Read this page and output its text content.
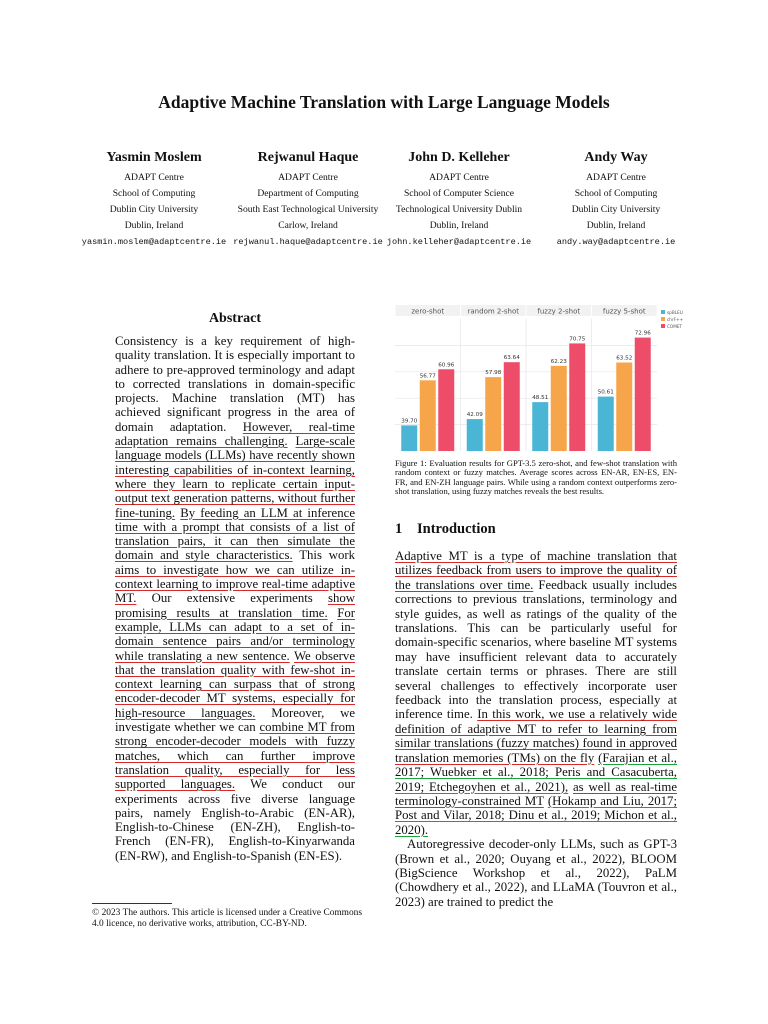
Adaptive Machine Translation with Large Language Models
Yasmin Moslem
ADAPT Centre
School of Computing
Dublin City University
Dublin, Ireland
yasmin.moslem@adaptcentre.ie
Rejwanul Haque
ADAPT Centre
Department of Computing
South East Technological University
Carlow, Ireland
rejwanul.haque@adaptcentre.ie
John D. Kelleher
ADAPT Centre
School of Computer Science
Technological University Dublin
Dublin, Ireland
john.kelleher@adaptcentre.ie
Andy Way
ADAPT Centre
School of Computing
Dublin City University
Dublin, Ireland
andy.way@adaptcentre.ie
Abstract
Consistency is a key requirement of high-quality translation. It is especially important to adhere to pre-approved terminology and adapt to corrected translations in domain-specific projects. Machine translation (MT) has achieved significant progress in the area of domain adaptation. However, real-time adaptation remains challenging. Large-scale language models (LLMs) have recently shown interesting capabilities of in-context learning, where they learn to replicate certain input-output text generation patterns, without further fine-tuning. By feeding an LLM at inference time with a prompt that consists of a list of translation pairs, it can then simulate the domain and style characteristics. This work aims to investigate how we can utilize in-context learning to improve real-time adaptive MT. Our extensive experiments show promising results at translation time. For example, LLMs can adapt to a set of in-domain sentence pairs and/or terminology while translating a new sentence. We observe that the translation quality with few-shot in-context learning can surpass that of strong encoder-decoder MT systems, especially for high-resource languages. Moreover, we investigate whether we can combine MT from strong encoder-decoder models with fuzzy matches, which can further improve translation quality, especially for less supported languages. We conduct our experiments across five diverse language pairs, namely English-to-Arabic (EN-AR), English-to-Chinese (EN-ZH), English-to-French (EN-FR), English-to-Kinyarwanda (EN-RW), and English-to-Spanish (EN-ES).
© 2023 The authors. This article is licensed under a Creative Commons 4.0 licence, no derivative works, attribution, CC-BY-ND.
zero-shot
39.70
56.77
60.96
random 2-shot
42.09
57.98
63.64
fuzzy 2-shot
48.51
62.23
70.75
fuzzy 5-shot
50.61
63.52
72.96
spBLEU
chrF++
COMET
Figure 1: Evaluation results for GPT-3.5 zero-shot, and few-shot translation with random context or fuzzy matches. Average scores across EN-AR, EN-ES, EN-FR, and EN-ZH language pairs. While using a random context outperforms zero-shot translation, using fuzzy matches reveals the best results.
1 Introduction

Adaptive MT is a type of machine translation that utilizes feedback from users to improve the quality of the translations over time. Feedback usually includes corrections to previous translations, terminology and style guides, as well as ratings of the quality of the translations. This can be particularly useful for domain-specific scenarios, where baseline MT systems may have insufficient relevant data to accurately translate certain terms or phrases. There are still several challenges to effectively incorporate user feedback into the translation process, especially at inference time. In this work, we use a relatively wide definition of adaptive MT to refer to learning from similar translations (fuzzy matches) found in approved translation memories (TMs) on the fly (Farajian et al., 2017; Wuebker et al., 2018; Peris and Casacuberta, 2019; Etchegoyhen et al., 2021), as well as real-time terminology-constrained MT (Hokamp and Liu, 2017; Post and Vilar, 2018; Dinu et al., 2019; Michon et al., 2020).

Autoregressive decoder-only LLMs, such as GPT-3 (Brown et al., 2020; Ouyang et al., 2022), BLOOM (BigScience Workshop et al., 2022), PaLM (Chowdhery et al., 2022), and LLaMA (Touvron et al., 2023) are trained to predict the
